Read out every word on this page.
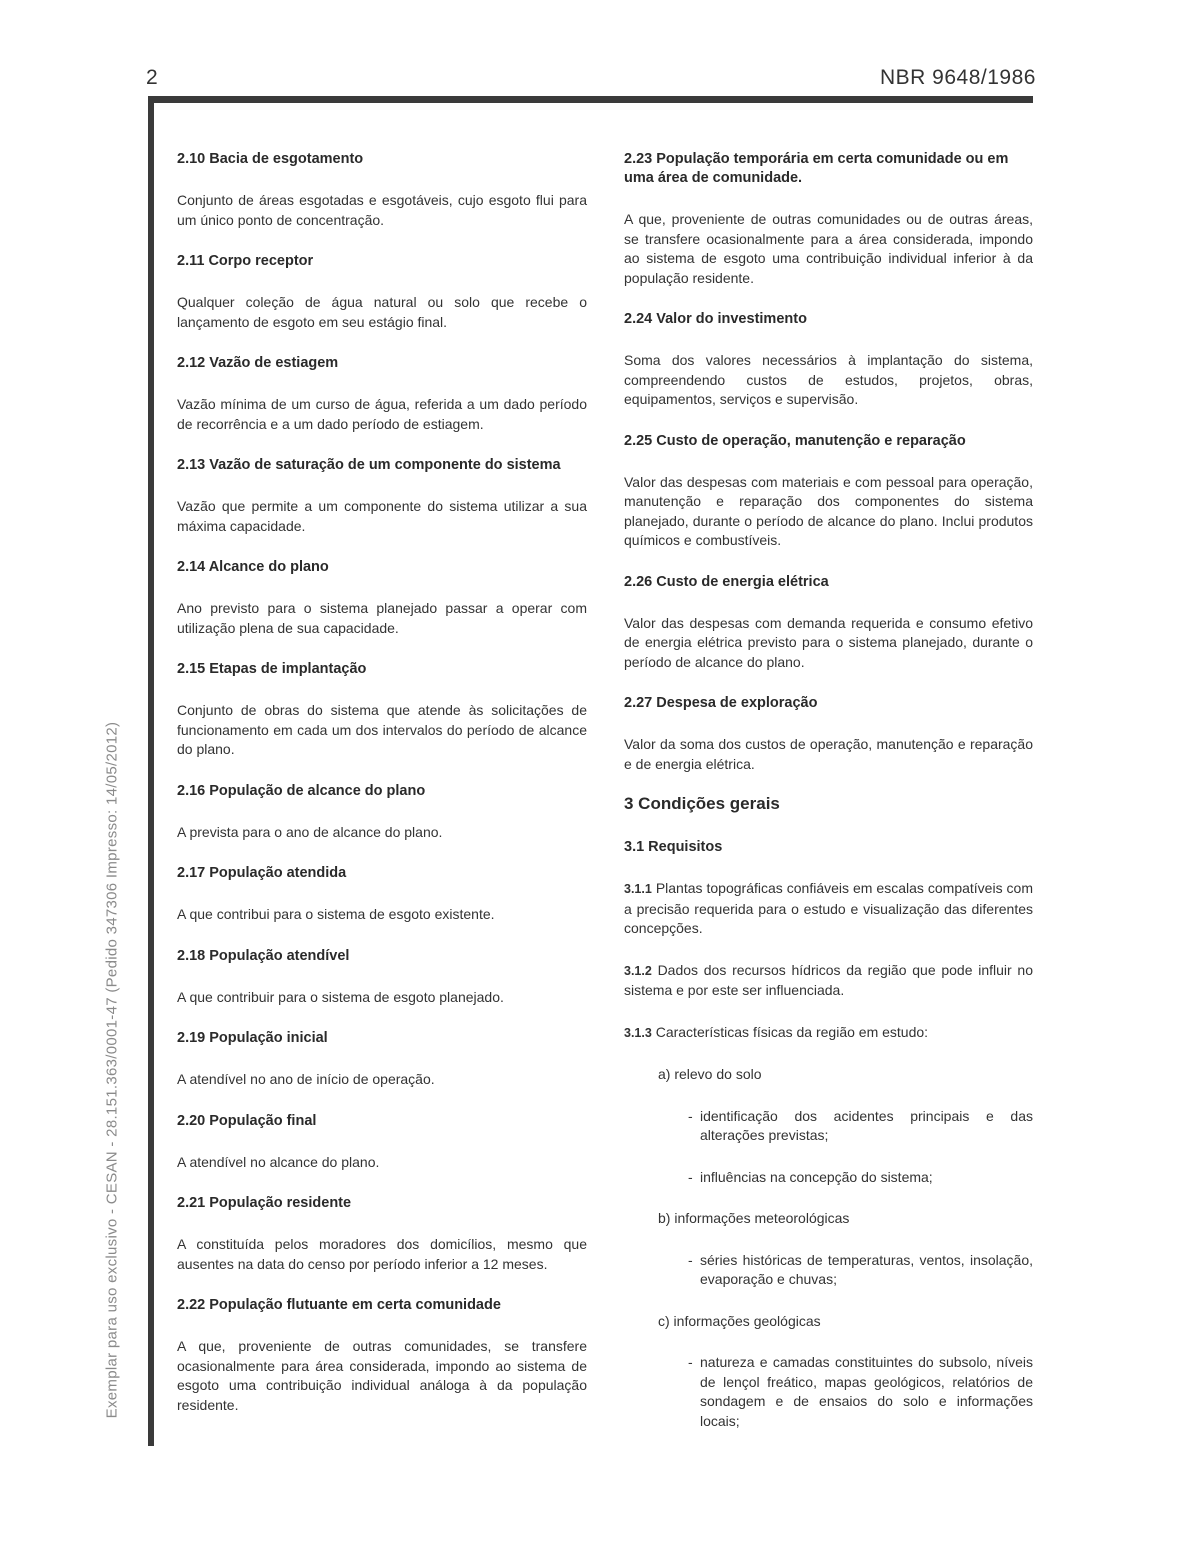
2	NBR 9648/1986
Exemplar para uso exclusivo - CESAN - 28.151.363/0001-47 (Pedido 347306 Impresso: 14/05/2012)

2.10 Bacia de esgotamento

Conjunto de áreas esgotadas e esgotáveis, cujo esgoto flui para um único ponto de concentração.

2.11 Corpo receptor

Qualquer coleção de água natural ou solo que recebe o lançamento de esgoto em seu estágio final.

2.12 Vazão de estiagem

Vazão mínima de um curso de água, referida a um dado período de recorrência e a um dado período de estiagem.

2.13 Vazão de saturação de um componente do sistema

Vazão que permite a um componente do sistema utilizar a sua máxima capacidade.

2.14 Alcance do plano

Ano previsto para o sistema planejado passar a operar com utilização plena de sua capacidade.

2.15 Etapas de implantação

Conjunto de obras do sistema que atende às solicitações de funcionamento em cada um dos intervalos do período de alcance do plano.

2.16 População de alcance do plano

A prevista para o ano de alcance do plano.

2.17 População atendida

A que contribui para o sistema de esgoto existente.

2.18 População atendível

A que contribuir para o sistema de esgoto planejado.

2.19 População inicial

A atendível no ano de início de operação.

2.20 População final

A atendível no alcance do plano.

2.21 População residente

A constituída pelos moradores dos domicílios, mesmo que ausentes na data do censo por período inferior a 12 meses.

2.22 População flutuante em certa comunidade

A que, proveniente de outras comunidades, se transfere ocasionalmente para área considerada, impondo ao sistema de esgoto uma contribuição individual análoga à da população residente.

2.23 População temporária em certa comunidade ou em uma área de comunidade.

A que, proveniente de outras comunidades ou de outras áreas, se transfere ocasionalmente para a área considerada, impondo ao sistema de esgoto uma contribuição individual inferior à da população residente.

2.24 Valor do investimento

Soma dos valores necessários à implantação do sistema, compreendendo custos de estudos, projetos, obras, equipamentos, serviços e supervisão.

2.25 Custo de operação, manutenção e reparação

Valor das despesas com materiais e com pessoal para operação, manutenção e reparação dos componentes do sistema planejado, durante o período de alcance do plano. Inclui produtos químicos e combustíveis.

2.26 Custo de energia elétrica

Valor das despesas com demanda requerida e consumo efetivo de energia elétrica previsto para o sistema planejado, durante o período de alcance do plano.

2.27 Despesa de exploração

Valor da soma dos custos de operação, manutenção e reparação e de energia elétrica.

3 Condições gerais

3.1 Requisitos

3.1.1 Plantas topográficas confiáveis em escalas compatíveis com a precisão requerida para o estudo e visualização das diferentes concepções.

3.1.2 Dados dos recursos hídricos da região que pode influir no sistema e por este ser influenciada.

3.1.3 Características físicas da região em estudo:

a) relevo do solo

- identificação dos acidentes principais e das alterações previstas;

- influências na concepção do sistema;

b) informações meteorológicas

- séries históricas de temperaturas, ventos, insolação, evaporação e chuvas;

c) informações geológicas

- natureza e camadas constituintes do subsolo, níveis de lençol freático, mapas geológicos, relatórios de sondagem e de ensaios do solo e informações locais;
